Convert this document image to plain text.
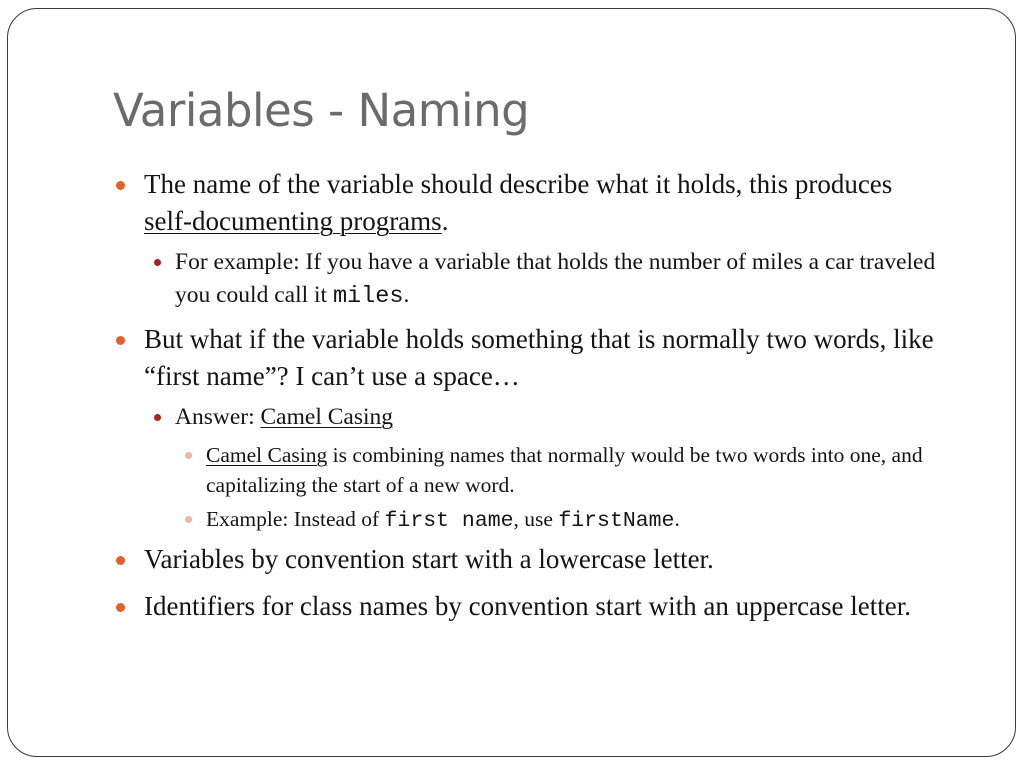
Variables - Naming
The name of the variable should describe what it holds, this produces self-documenting programs.
For example: If you have a variable that holds the number of miles a car traveled you could call it miles.
But what if the variable holds something that is normally two words, like “first name”? I can’t use a space…
Answer: Camel Casing
Camel Casing is combining names that normally would be two words into one, and capitalizing the start of a new word.
Example: Instead of first name, use firstName.
Variables by convention start with a lowercase letter.
Identifiers for class names by convention start with an uppercase letter.
